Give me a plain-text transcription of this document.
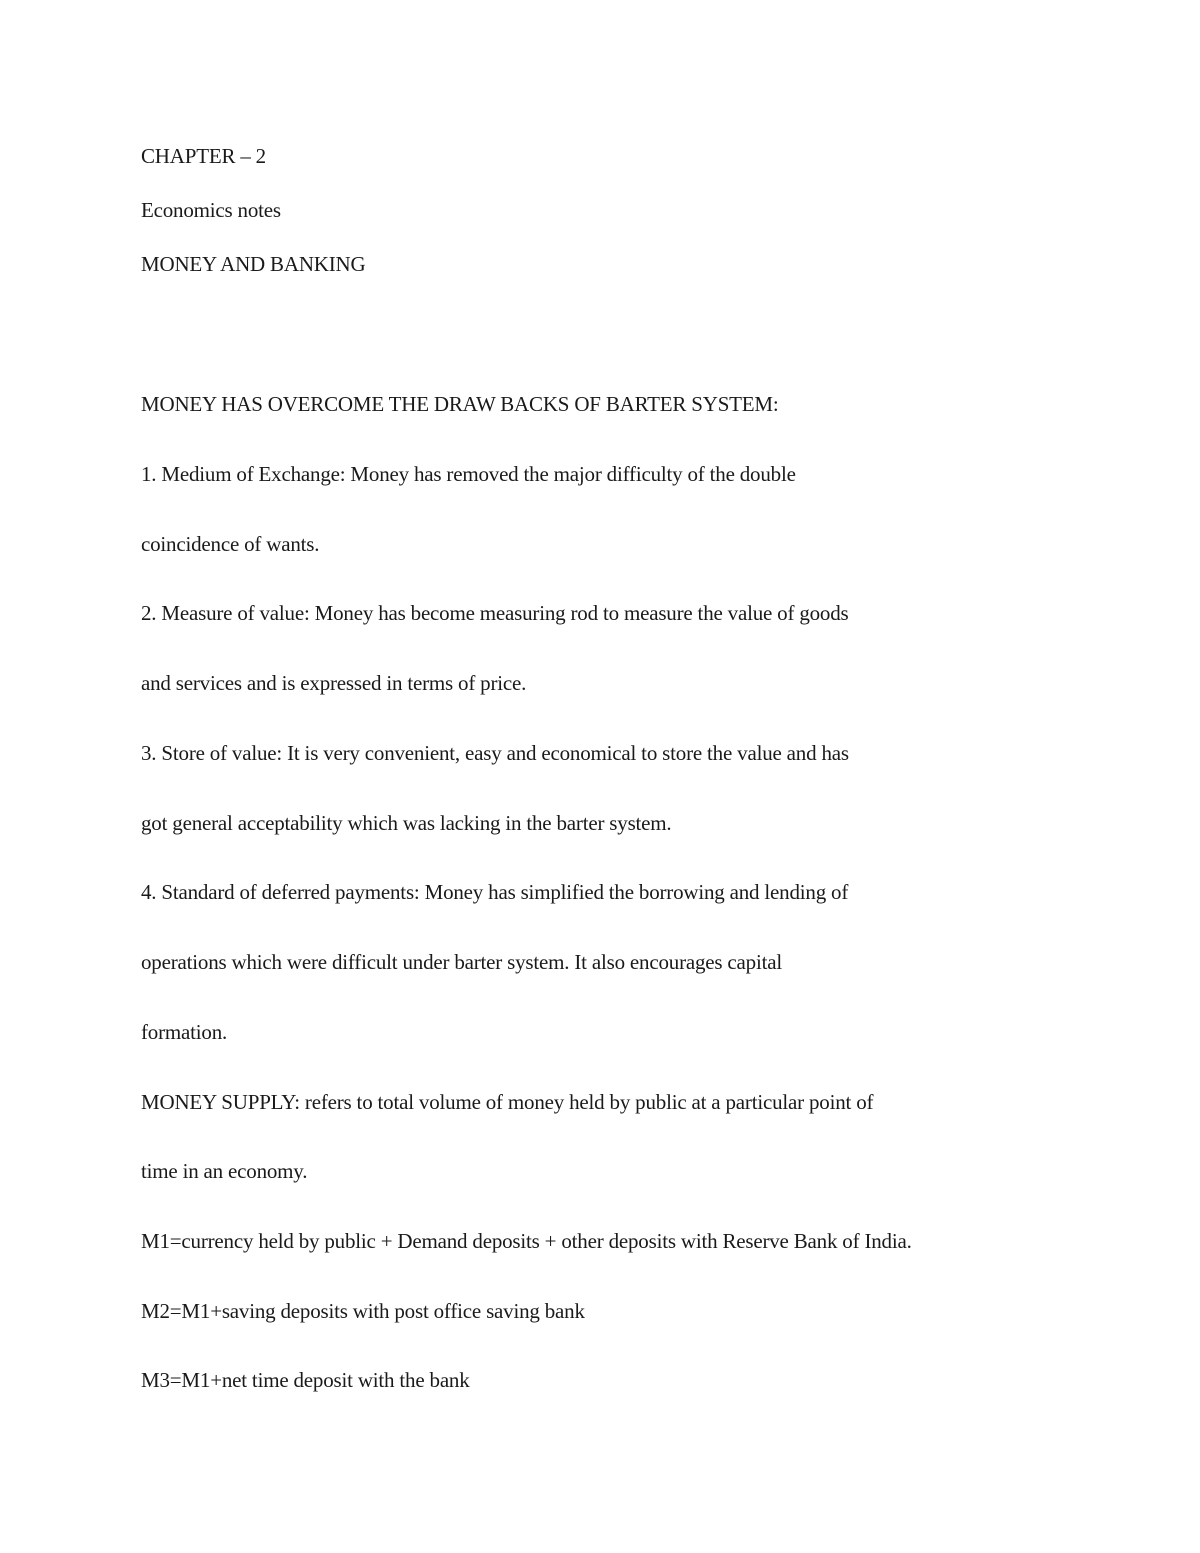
CHAPTER – 2
Economics notes
MONEY AND BANKING
MONEY HAS OVERCOME THE DRAW BACKS OF BARTER SYSTEM:
1. Medium of Exchange: Money has removed the major difficulty of the double
coincidence of wants.
2. Measure of value: Money has become measuring rod to measure the value of goods
and services and is expressed in terms of price.
3. Store of value: It is very convenient, easy and economical to store the value and has
got general acceptability which was lacking in the barter system.
4. Standard of deferred payments: Money has simplified the borrowing and lending of
operations which were difficult under barter system. It also encourages capital
formation.
MONEY SUPPLY: refers to total volume of money held by public at a particular point of
time in an economy.
M1=currency held by public + Demand deposits + other deposits with Reserve Bank of India.
M2=M1+saving deposits with post office saving bank
M3=M1+net time deposit with the bank
